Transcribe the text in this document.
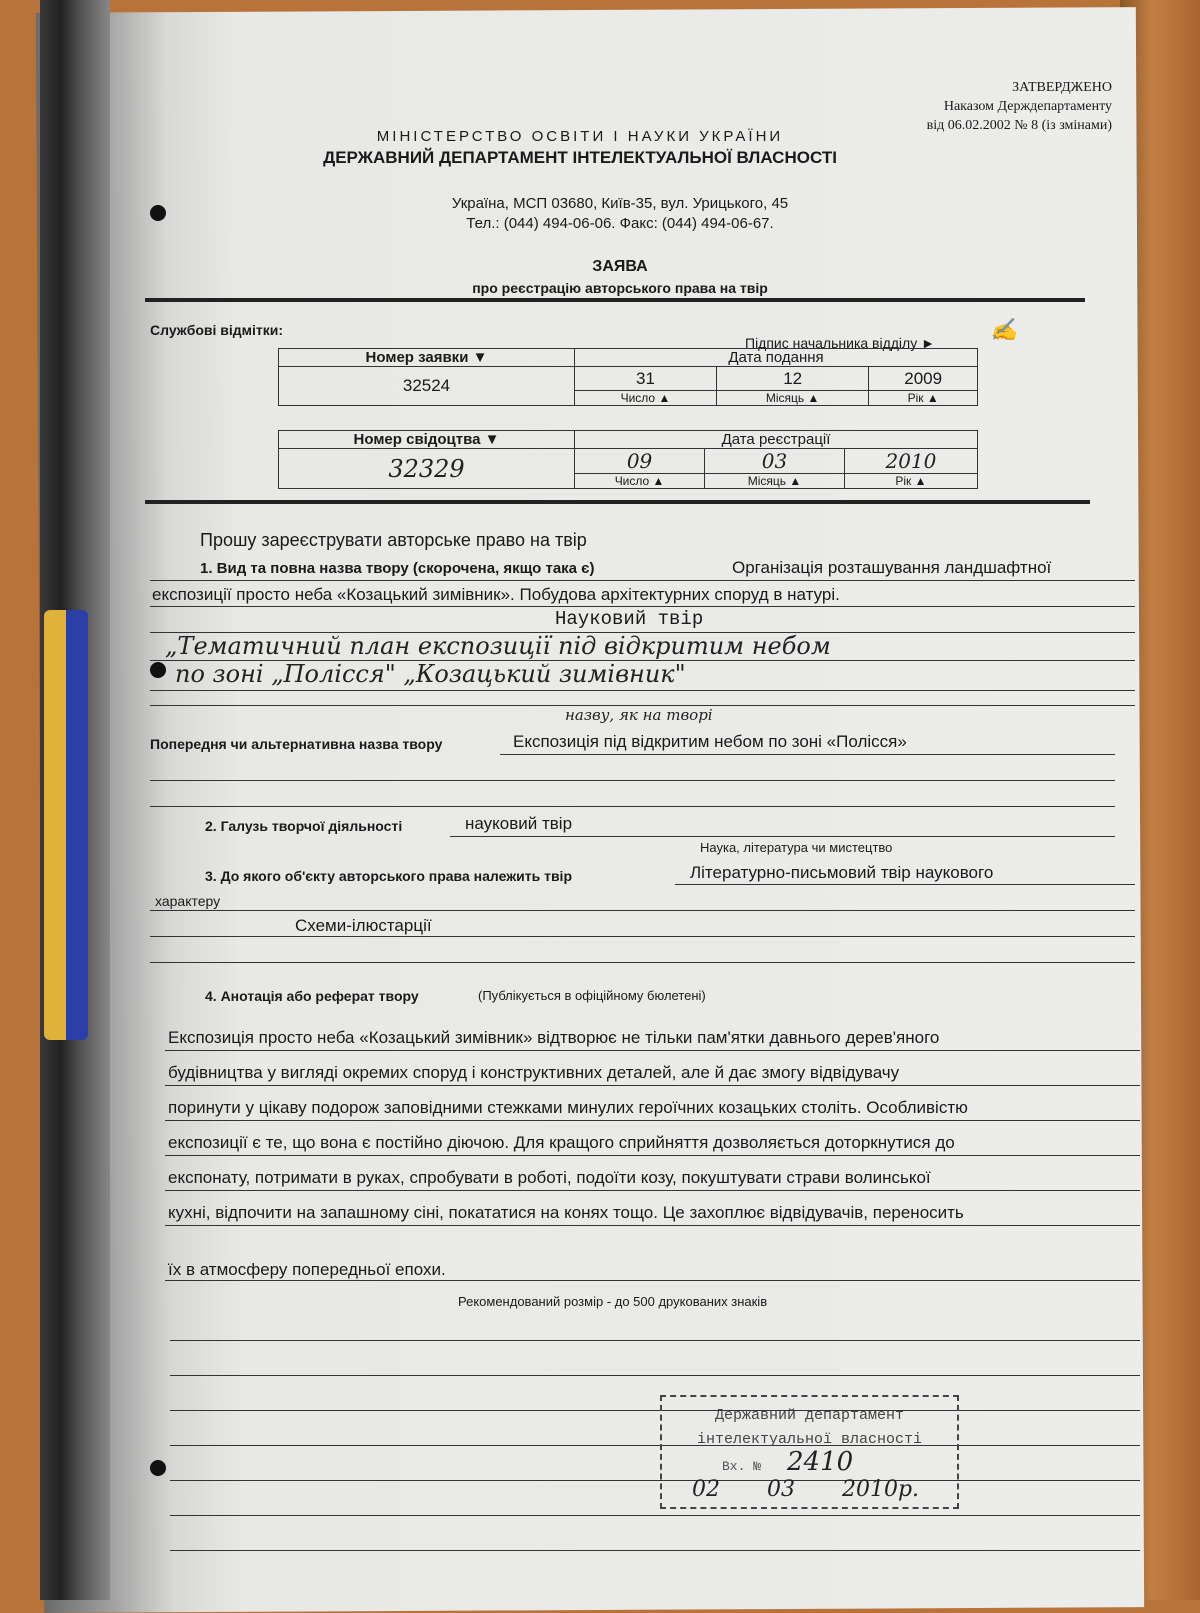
ЗАТВЕРДЖЕНО
Наказом Держдепартаменту
від 06.02.2002 № 8 (із змінами)
МІНІСТЕРСТВО ОСВІТИ І НАУКИ УКРАЇНИ
ДЕРЖАВНИЙ ДЕПАРТАМЕНТ ІНТЕЛЕКТУАЛЬНОЇ ВЛАСНОСТІ
Україна, МСП 03680, Київ-35, вул. Урицького, 45
Тел.: (044) 494-06-06. Факс: (044) 494-06-67.
ЗАЯВА
про реєстрацію авторського права на твір
Службові відмітки:
Підпис начальника відділу ►	✍
Номер заявки ▼	Дата подання		
32524	31	12	2009
	Число ▲	Місяць ▲	Рік ▲
Номер свідоцтва ▼	Дата реєстрації		
32329	09	03	2010
	Число ▲	Місяць ▲	Рік ▲
Прошу зареєструвати авторське право на твір
1. Вид та повна назва твору (скорочена, якщо така є)	Організація розташування ландшафтної
експозиції просто неба «Козацький зимівник». Побудова архітектурних споруд в натурі.
Науковий твір
„Тематичний план експозиції під відкритим небом
по зоні „Полісся" „Козацький зимівник"
назву, як на творі
Попередня чи альтернативна назва твору	Експозиція під відкритим небом по зоні «Полісся»
2. Галузь творчої діяльності	науковий твір
Наука, література чи мистецтво
3. До якого об'єкту авторського права належить твір	Літературно-письмовий твір наукового
характеру
Схеми-ілюстарції
4. Анотація або реферат твору	(Публікується в офіційному бюлетені)
Експозиція просто неба «Козацький зимівник» відтворює не тільки пам'ятки давнього дерев'яного
будівництва у вигляді окремих споруд і конструктивних деталей, але й дає змогу відвідувачу
поринути у цікаву подорож заповідними стежками минулих героїчних козацьких століть. Особливістю
експозиції є те, що вона є постійно діючою. Для кращого сприйняття дозволяється доторкнутися до
експонату, потримати в руках, спробувати в роботі, подоїти козу, покуштувати страви волинської
кухні, відпочити на запашному сіні, покататися на конях тощо. Це захоплює відвідувачів, переносить
їх в атмосферу попередньої епохи.
Рекомендований розмір - до 500 друкованих знаків
Державний департамент
інтелектуальної власності
Вх. № 2410
02 03 2010р.
